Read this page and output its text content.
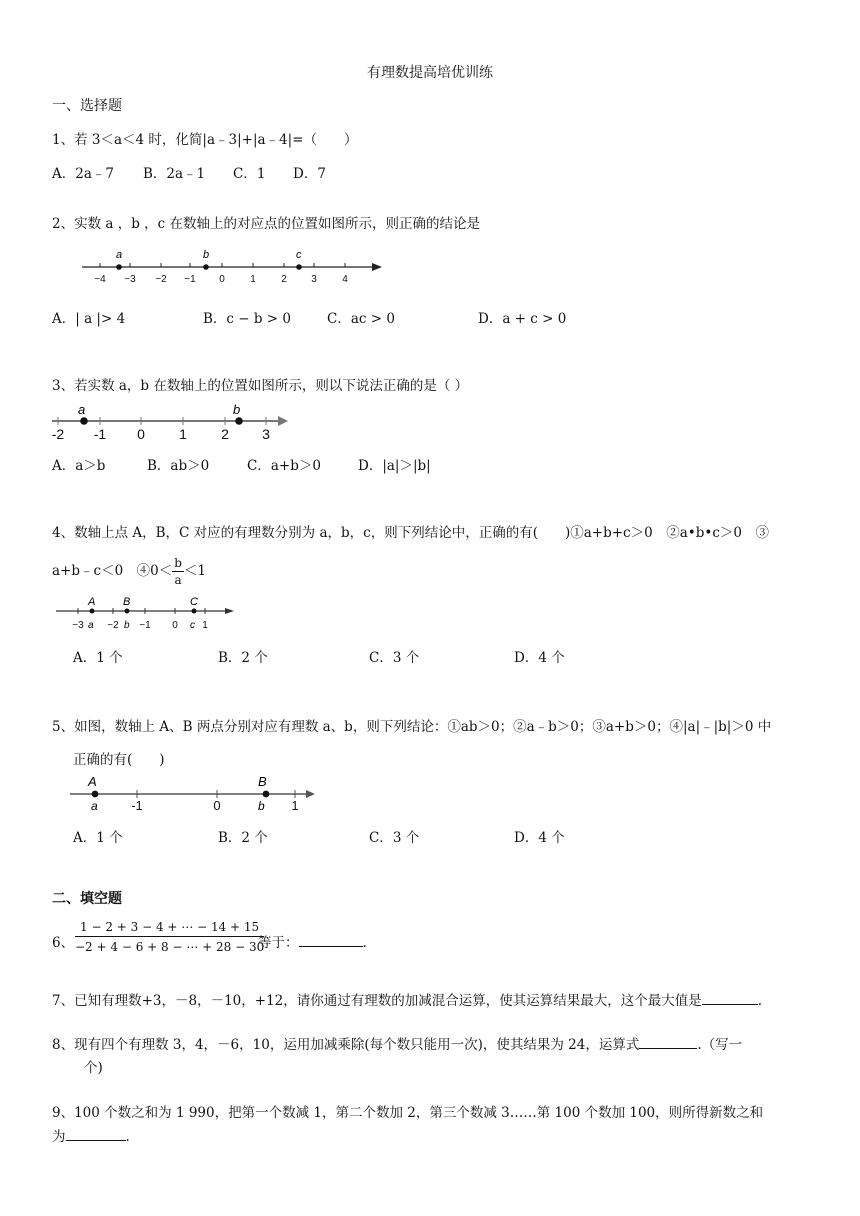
有理数提高培优训练
一、选择题
1、若 3＜a＜4 时，化简|a﹣3|+|a﹣4|=（　　）
A．2a﹣7 B．2a﹣1 C．1 D．7
2、实数 a ，b ，c 在数轴上的对应点的位置如图所示，则正确的结论是
−4 −3 −2 −1 0	1	2 3	4
a	b	c
A．| a |> 4	B．c − b > 0	C．ac > 0	D．a + c > 0
3、若实数 a，b 在数轴上的位置如图所示，则以下说法正确的是（ ）
-2 -1 0 1 2 3
a	b
A．a＞b	B．ab＞0	C．a+b＞0	D．|a|＞|b|
4、数轴上点 A，B，C 对应的有理数分别为 a，b，c，则下列结论中，正确的有(　　)①a+b+c＞0　②a•b•c＞0　③
a+b﹣c＜0　④0＜ $\frac{b}{a} <1$
−3 −2 −1 0 1
A	B	C
a	b	c
A．1 个	B．2 个	C．3 个	D．4 个
5、如图，数轴上 A、B 两点分别对应有理数 a、b，则下列结论：①ab＞0；②a﹣b＞0；③a+b＞0；④|a|﹣|b|＞0 中
正确的有(　　)
-1	0	1
A	B
a	b
A．1 个	B．2 个	C．3 个	D．4 个
二、填空题
6、 $\frac{1 - 2 + 3 - 4 + \cdots - 14 + 15}{-2 + 4 - 6 + 8 - \cdots + 28 - 30}$
等于：	.
7、已知有理数+3，－8，－10，+12，请你通过有理数的加减混合运算，使其运算结果最大，这个最大值是	.
8、现有四个有理数 3，4，－6，10，运用加减乘除(每个数只能用一次)，使其结果为 24，运算式	.（写一
个)
9、100 个数之和为 1 990，把第一个数减 1，第二个数加 2，第三个数减 3……第 100 个数加 100，则所得新数之和
为	.
